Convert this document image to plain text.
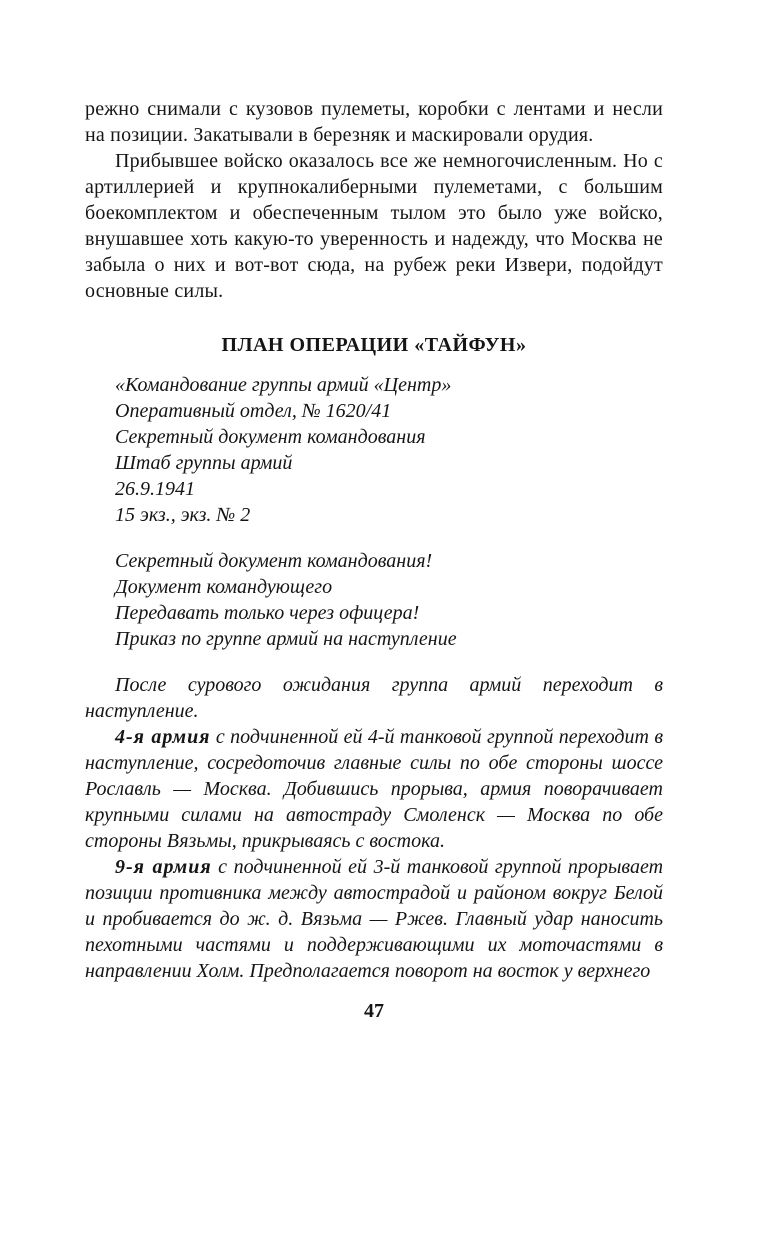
режно снимали с кузовов пулеметы, коробки с лентами и несли на позиции. Закатывали в березняк и маскировали орудия.

Прибывшее войско оказалось все же немногочисленным. Но с артиллерией и крупнокалиберными пулеметами, с большим боекомплектом и обеспеченным тылом это было уже войско, внушавшее хоть какую-то уверенность и надежду, что Москва не забыла о них и вот-вот сюда, на рубеж реки Извери, подойдут основные силы.

ПЛАН ОПЕРАЦИИ «ТАЙФУН»

«Командование группы армий «Центр»

Оперативный отдел, № 1620/41

Секретный документ командования

Штаб группы армий

26.9.1941

15 экз., экз. № 2

Секретный документ командования!

Документ командующего

Передавать только через офицера!

Приказ по группе армий на наступление

После сурового ожидания группа армий переходит в наступление.

4-я армия с подчиненной ей 4-й танковой группой переходит в наступление, сосредоточив главные силы по обе стороны шоссе Рославль — Москва. Добившись прорыва, армия поворачивает крупными силами на автостраду Смоленск — Москва по обе стороны Вязьмы, прикрываясь с востока.

9-я армия с подчиненной ей 3-й танковой группой прорывает позиции противника между автострадой и районом вокруг Белой и пробивается до ж. д. Вязьма — Ржев. Главный удар наносить пехотными частями и поддерживающими их моточастями в направлении Холм. Предполагается поворот на восток у верхнего

47
